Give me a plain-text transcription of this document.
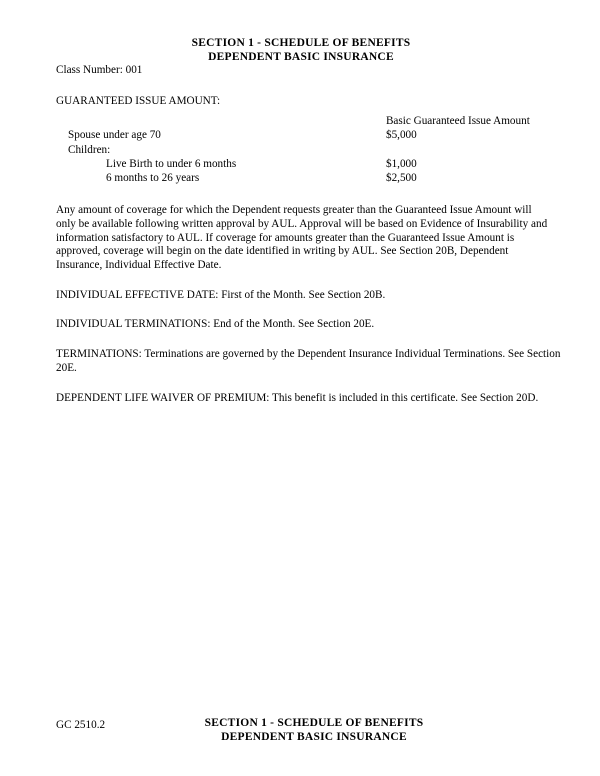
SECTION 1 - SCHEDULE OF BENEFITS
DEPENDENT BASIC INSURANCE

Class Number: 001

GUARANTEED ISSUE AMOUNT:

	Basic Guaranteed Issue Amount
Spouse under age 70	$5,000
Children:	
Live Birth to under 6 months	$1,000
6 months to 26 years	$2,500

Any amount of coverage for which the Dependent requests greater than the Guaranteed Issue Amount will only be available following written approval by AUL. Approval will be based on Evidence of Insurability and information satisfactory to AUL. If coverage for amounts greater than the Guaranteed Issue Amount is approved, coverage will begin on the date identified in writing by AUL. See Section 20B, Dependent Insurance, Individual Effective Date.

INDIVIDUAL EFFECTIVE DATE: First of the Month. See Section 20B.

INDIVIDUAL TERMINATIONS: End of the Month. See Section 20E.

TERMINATIONS: Terminations are governed by the Dependent Insurance Individual Terminations. See Section 20E.

DEPENDENT LIFE WAIVER OF PREMIUM: This benefit is included in this certificate. See Section 20D.

GC 2510.2	SECTION 1 - SCHEDULE OF BENEFITS
DEPENDENT BASIC INSURANCE
